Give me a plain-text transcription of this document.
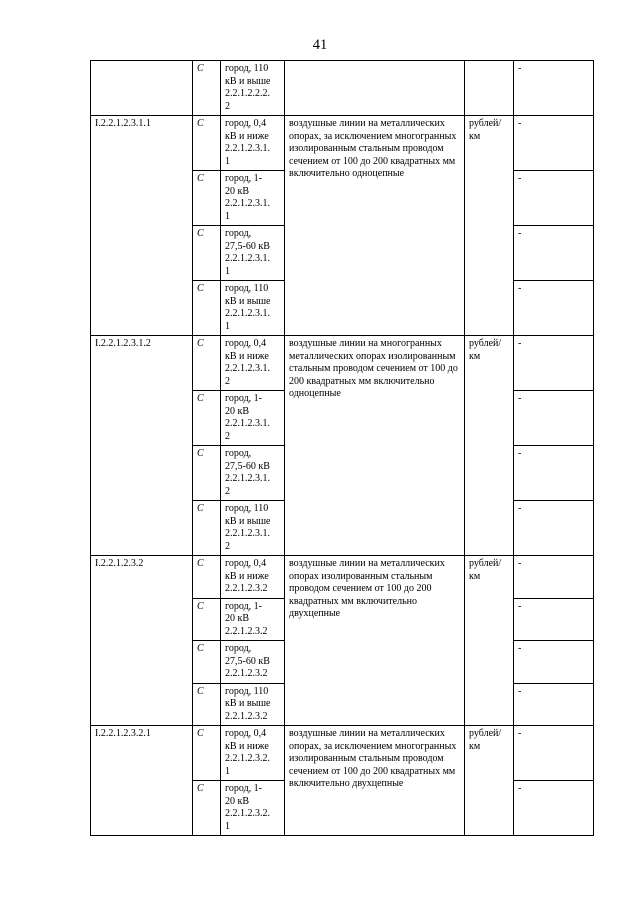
41
	С	город, 110
кВ и выше
2.2.1.2.2.2.
2			-
I.2.2.1.2.3.1.1	С	город, 0,4
кВ и ниже
2.2.1.2.3.1.
1	воздушные линии на металлических опорах, за исключением многогранных изолированным стальным проводом сечением от 100 до 200 квадратных мм включительно одноцепные	рублей/ км	-
	С	город, 1-
20 кВ
2.2.1.2.3.1.
1			-
	С	город,
27,5-60 кВ
2.2.1.2.3.1.
1			-
	С	город, 110
кВ и выше
2.2.1.2.3.1.
1			-
I.2.2.1.2.3.1.2	С	город, 0,4
кВ и ниже
2.2.1.2.3.1.
2	воздушные линии на многогранных металлических опорах изолированным стальным проводом сечением от 100 до 200 квадратных мм включительно одноцепные	рублей/ км	-
	С	город, 1-
20 кВ
2.2.1.2.3.1.
2			-
	С	город,
27,5-60 кВ
2.2.1.2.3.1.
2			-
	С	город, 110
кВ и выше
2.2.1.2.3.1.
2			-
I.2.2.1.2.3.2	С	город, 0,4
кВ и ниже
2.2.1.2.3.2	воздушные линии на металлических опорах изолированным стальным проводом сечением от 100 до 200 квадратных мм включительно двухцепные	рублей/ км	-
	С	город, 1-
20 кВ
2.2.1.2.3.2			-
	С	город,
27,5-60 кВ
2.2.1.2.3.2			-
	С	город, 110
кВ и выше
2.2.1.2.3.2			-
I.2.2.1.2.3.2.1	С	город, 0,4
кВ и ниже
2.2.1.2.3.2.
1	воздушные линии на металлических опорах, за исключением многогранных изолированным стальным проводом сечением от 100 до 200 квадратных мм включительно двухцепные	рублей/ км	-
	С	город, 1-
20 кВ
2.2.1.2.3.2.
1			-
